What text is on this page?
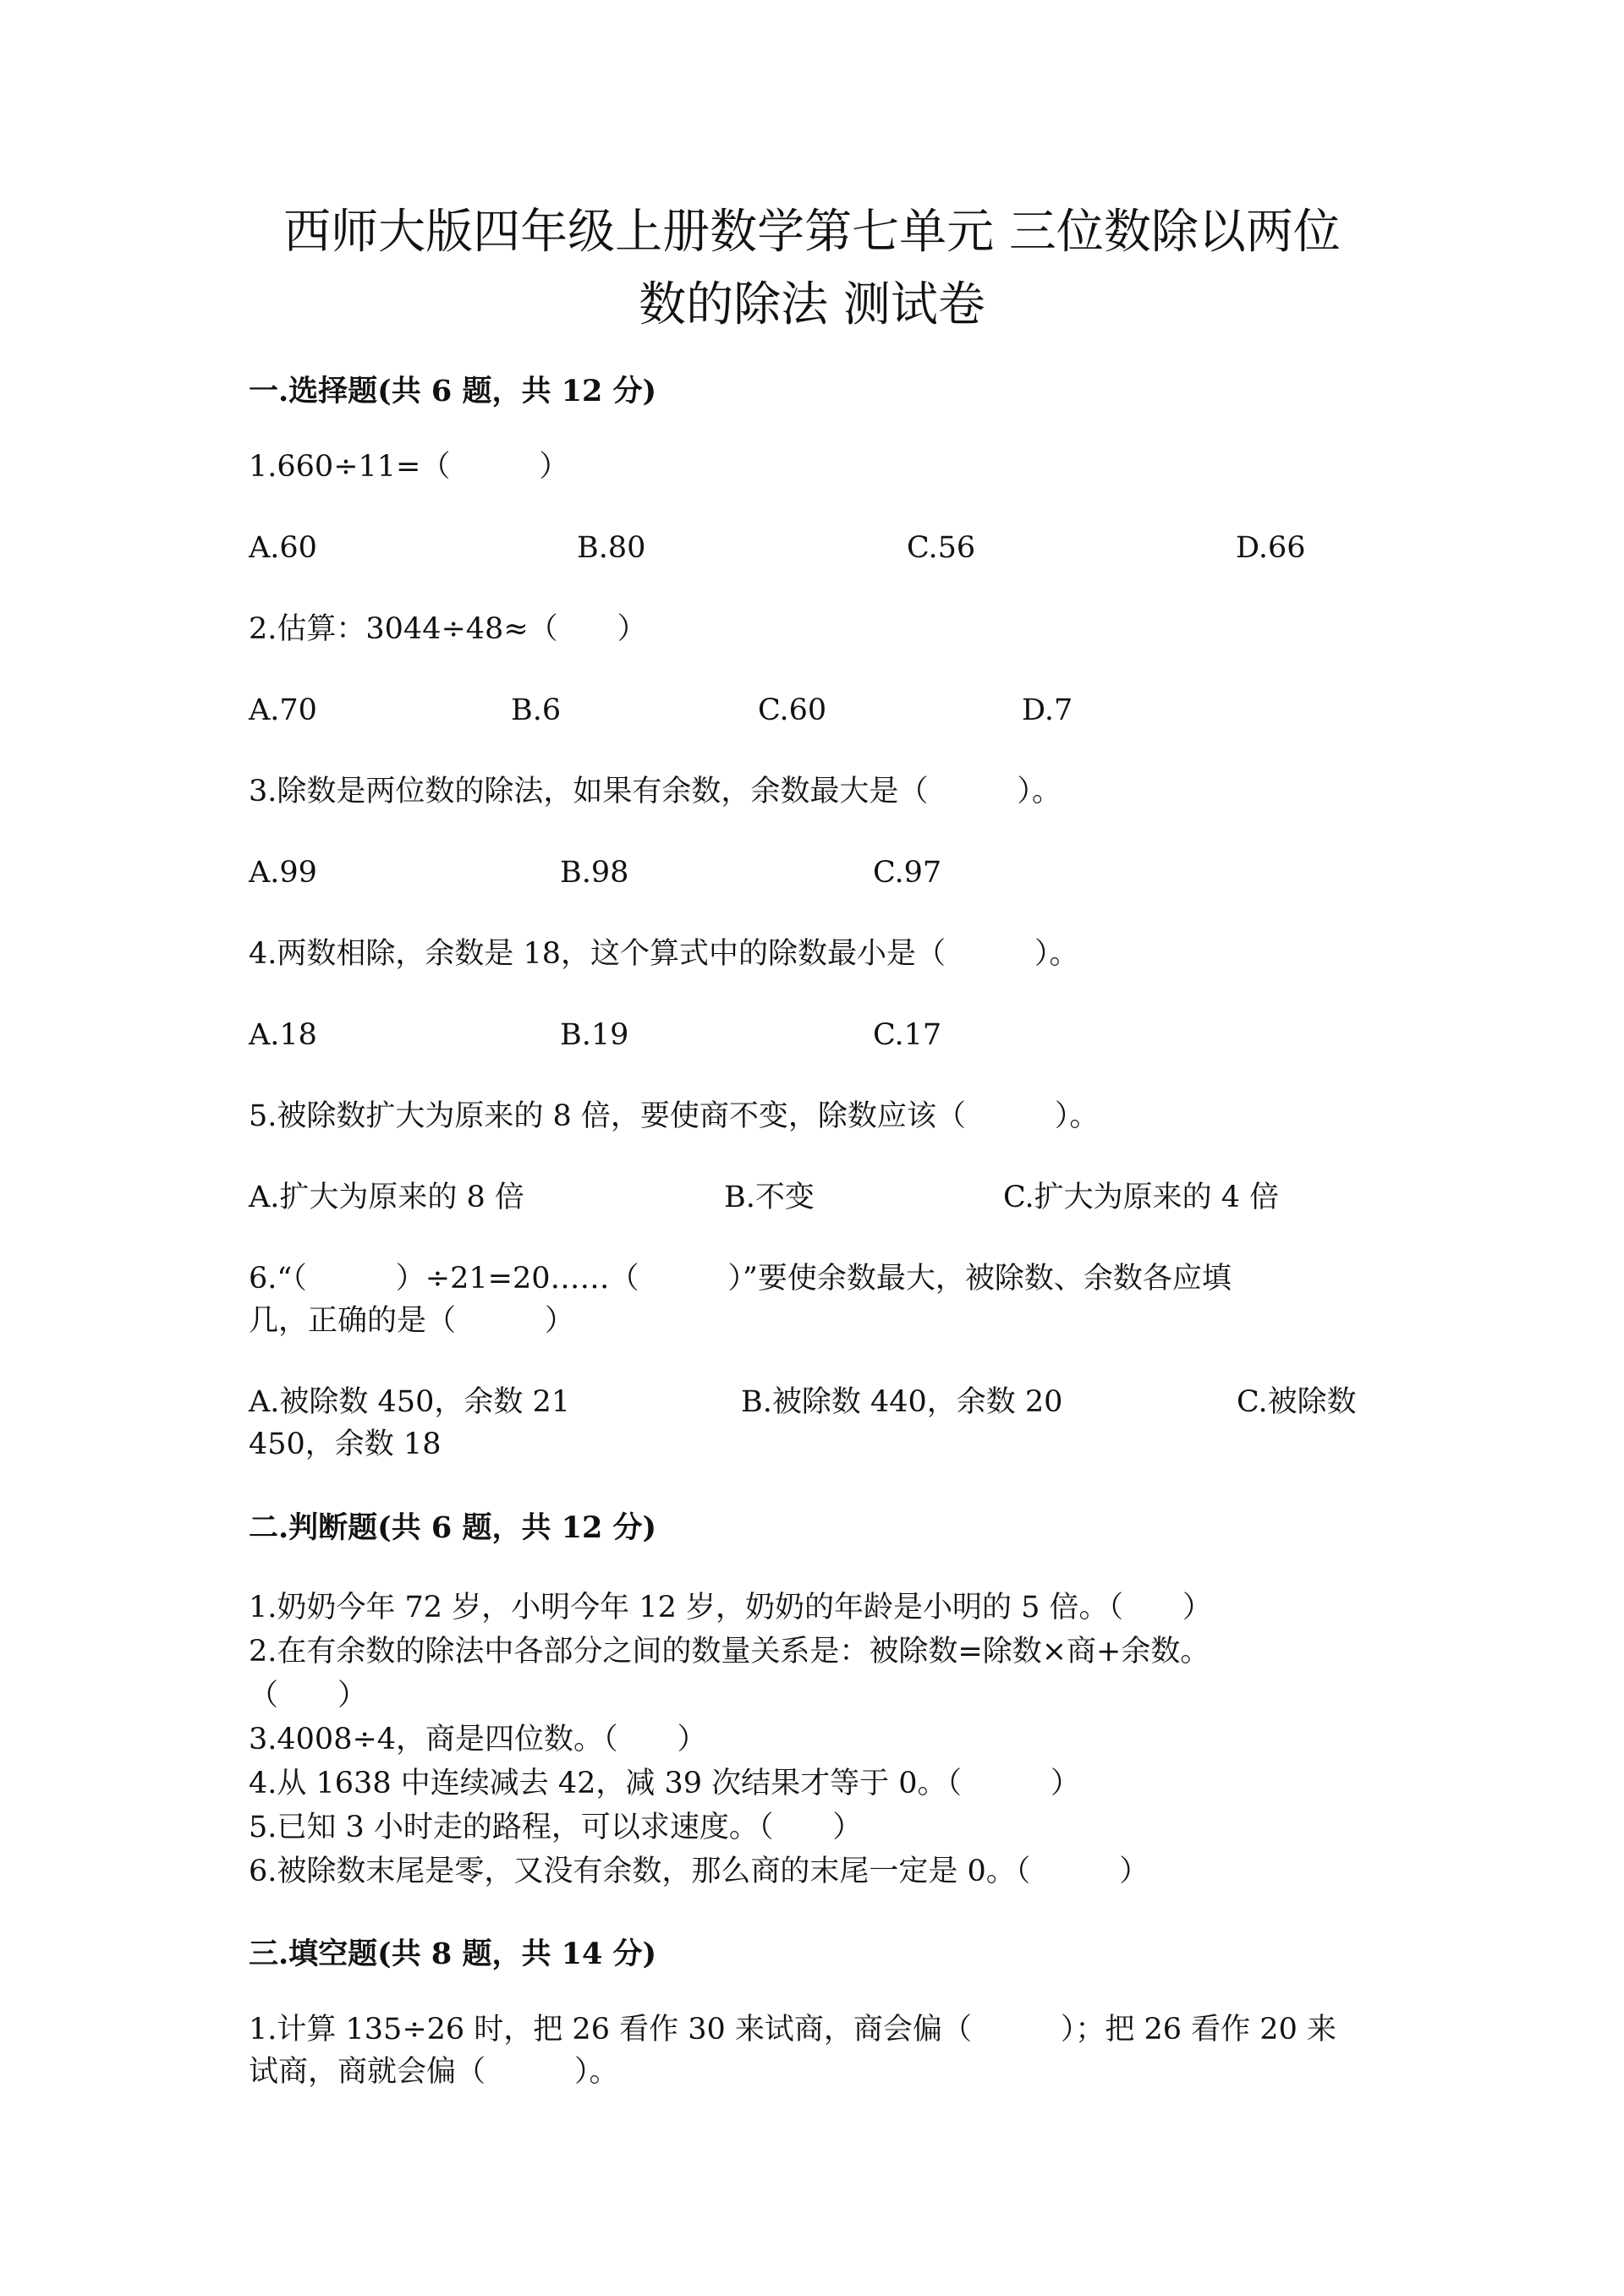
西师大版四年级上册数学第七单元 三位数除以两位
数的除法 测试卷

一.选择题(共 6 题，共 12 分)

1.660÷11=（　　　）

A.60	B.80	C.56	D.66

2.估算：3044÷48≈（　　）

A.70	B.6	C.60	D.7

3.除数是两位数的除法，如果有余数，余数最大是（　　　）。

A.99	B.98	C.97

4.两数相除，余数是 18，这个算式中的除数最小是（　　　）。

A.18	B.19	C.17

5.被除数扩大为原来的 8 倍，要使商不变，除数应该（　　　）。

A.扩大为原来的 8 倍	B.不变	C.扩大为原来的 4 倍

6.“（　　　）÷21=20……（　　　）”要使余数最大，被除数、余数各应填
几，正确的是（　　　）

A.被除数 450，余数 21	B.被除数 440，余数 20	C.被除数
450，余数 18

二.判断题(共 6 题，共 12 分)

1.奶奶今年 72 岁，小明今年 12 岁，奶奶的年龄是小明的 5 倍。（　　）

2.在有余数的除法中各部分之间的数量关系是：被除数=除数×商+余数。

（　　）

3.4008÷4，商是四位数。（　　）

4.从 1638 中连续减去 42，减 39 次结果才等于 0。（　　　）

5.已知 3 小时走的路程，可以求速度。（　　）

6.被除数末尾是零，又没有余数，那么商的末尾一定是 0。（　　　）

三.填空题(共 8 题，共 14 分)

1.计算 135÷26 时，把 26 看作 30 来试商，商会偏（　　　）；把 26 看作 20 来
试商，商就会偏（　　　）。
